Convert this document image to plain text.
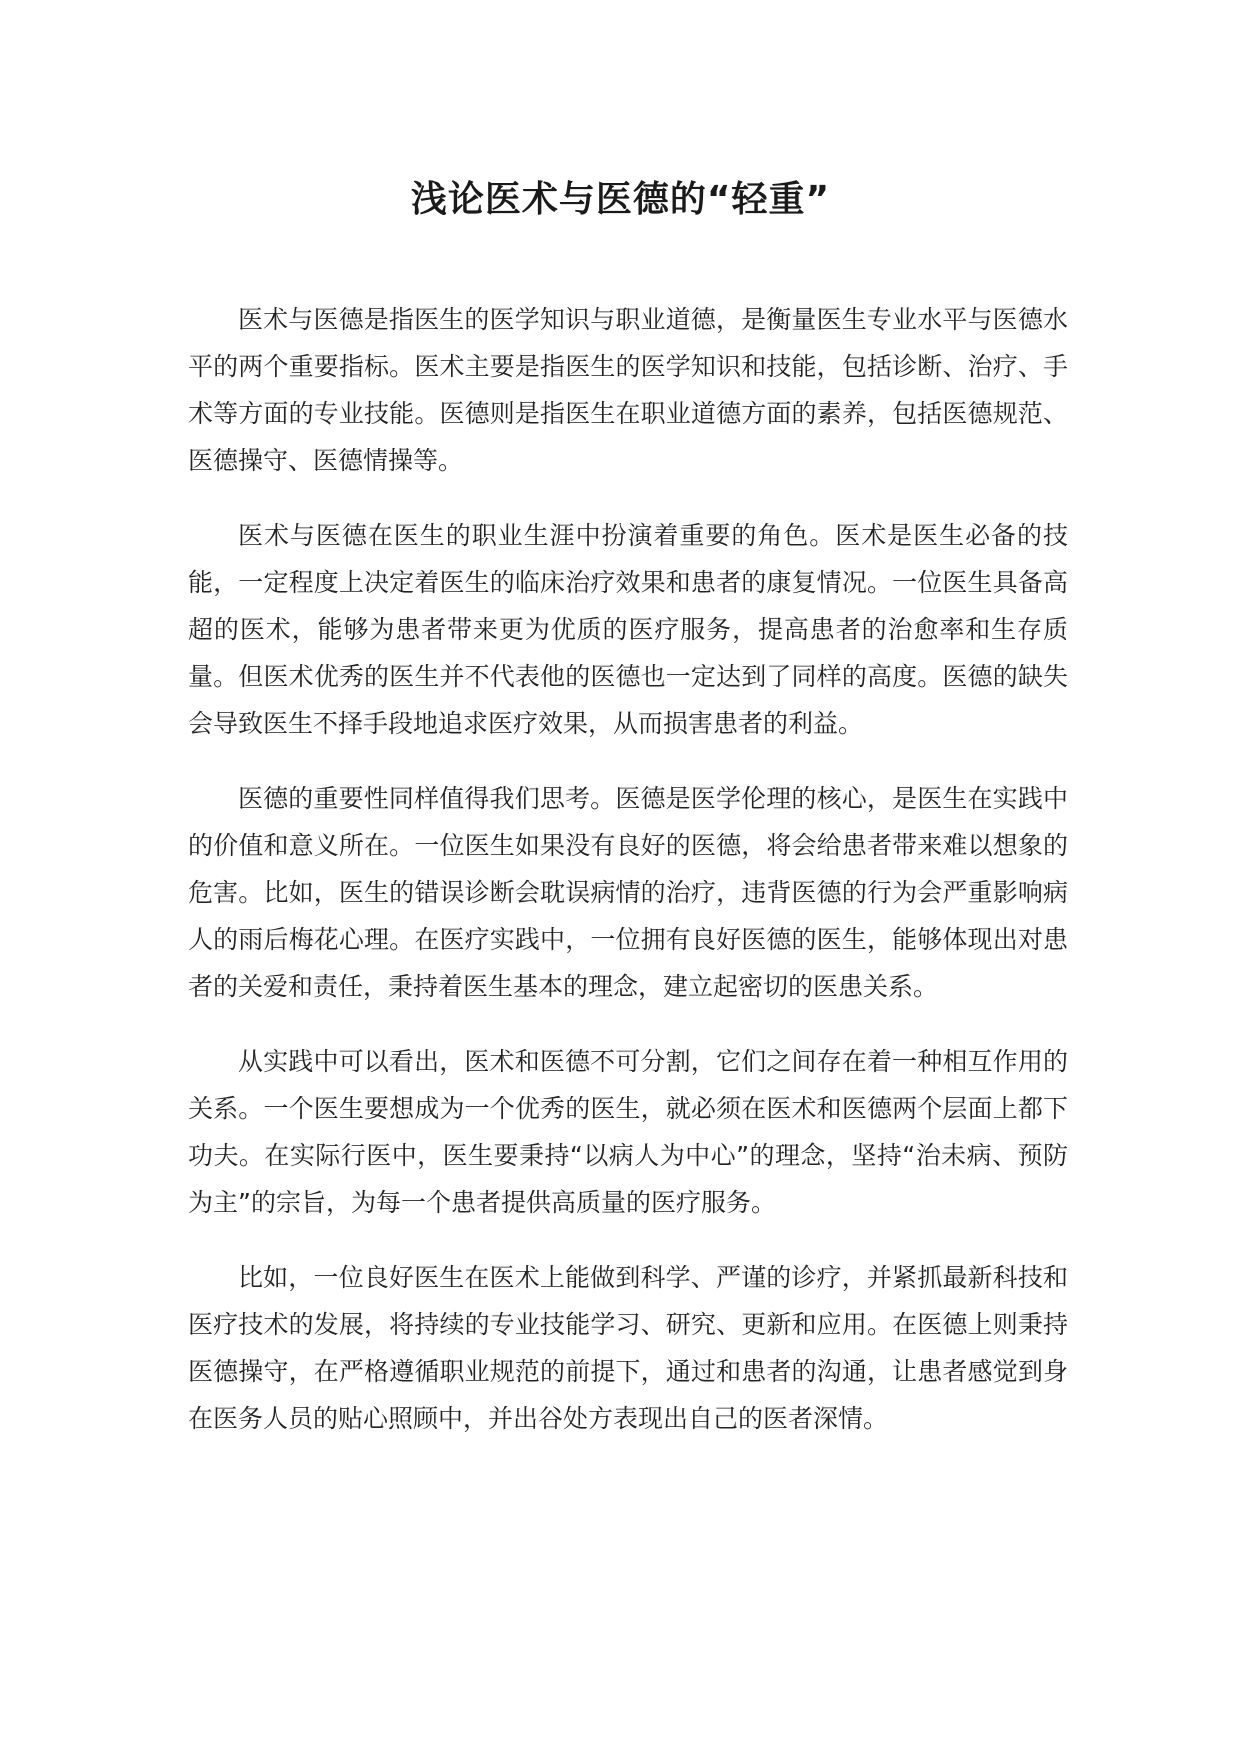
浅论医术与医德的“轻重”

医术与医德是指医生的医学知识与职业道德，是衡量医生专业水平与医德水平的两个重要指标。医术主要是指医生的医学知识和技能，包括诊断、治疗、手术等方面的专业技能。医德则是指医生在职业道德方面的素养，包括医德规范、医德操守、医德情操等。

医术与医德在医生的职业生涯中扮演着重要的角色。医术是医生必备的技能，一定程度上决定着医生的临床治疗效果和患者的康复情况。一位医生具备高超的医术，能够为患者带来更为优质的医疗服务，提高患者的治愈率和生存质量。但医术优秀的医生并不代表他的医德也一定达到了同样的高度。医德的缺失会导致医生不择手段地追求医疗效果，从而损害患者的利益。

医德的重要性同样值得我们思考。医德是医学伦理的核心，是医生在实践中的价值和意义所在。一位医生如果没有良好的医德，将会给患者带来难以想象的危害。比如，医生的错误诊断会耽误病情的治疗，违背医德的行为会严重影响病人的雨后梅花心理。在医疗实践中，一位拥有良好医德的医生，能够体现出对患者的关爱和责任，秉持着医生基本的理念，建立起密切的医患关系。

从实践中可以看出，医术和医德不可分割，它们之间存在着一种相互作用的关系。一个医生要想成为一个优秀的医生，就必须在医术和医德两个层面上都下功夫。在实际行医中，医生要秉持“以病人为中心”的理念，坚持“治未病、预防为主”的宗旨，为每一个患者提供高质量的医疗服务。

比如，一位良好医生在医术上能做到科学、严谨的诊疗，并紧抓最新科技和医疗技术的发展，将持续的专业技能学习、研究、更新和应用。在医德上则秉持医德操守，在严格遵循职业规范的前提下，通过和患者的沟通，让患者感觉到身在医务人员的贴心照顾中，并出谷处方表现出自己的医者深情。
